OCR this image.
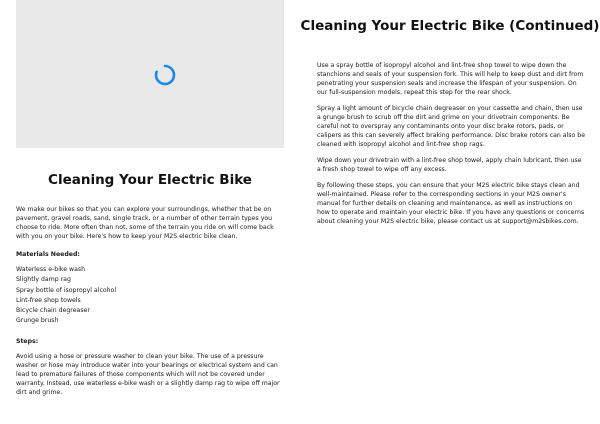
Cleaning Your Electric Bike

We make our bikes so that you can explore your surroundings, whether that be on pavement, gravel roads, sand, single track, or a number of other terrain types you choose to ride. More often than not, some of the terrain you ride on will come back with you on your bike. Here's how to keep your M2S electric bike clean.

Materials Needed:

Waterless e-bike wash
Slightly damp rag
Spray bottle of isopropyl alcohol
Lint-free shop towels
Bicycle chain degreaser
Grunge brush

Steps:

Avoid using a hose or pressure washer to clean your bike. The use of a pressure washer or hose may introduce water into your bearings or electrical system and can lead to premature failures of those components which will not be covered under warranty. Instead, use waterless e-bike wash or a slightly damp rag to wipe off major dirt and grime.

Cleaning Your Electric Bike (Continued)

Use a spray bottle of isopropyl alcohol and lint-free shop towel to wipe down the stanchions and seals of your suspension fork. This will help to keep dust and dirt from penetrating your suspension seals and increase the lifespan of your suspension. On our full-suspension models, repeat this step for the rear shock.

Spray a light amount of bicycle chain degreaser on your cassette and chain, then use a grunge brush to scrub off the dirt and grime on your drivetrain components. Be careful not to overspray any contaminants onto your disc brake rotors, pads, or calipers as this can severely affect braking performance. Disc brake rotors can also be cleaned with isopropyl alcohol and lint-free shop rags.

Wipe down your drivetrain with a lint-free shop towel, apply chain lubricant, then use a fresh shop towel to wipe off any excess.

By following these steps, you can ensure that your M2S electric bike stays clean and well-maintained. Please refer to the corresponding sections in your M2S owner's manual for further details on cleaning and maintenance, as well as instructions on how to operate and maintain your electric bike. If you have any questions or concerns about cleaning your M2S electric bike, please contact us at support@m2sbikes.com.
